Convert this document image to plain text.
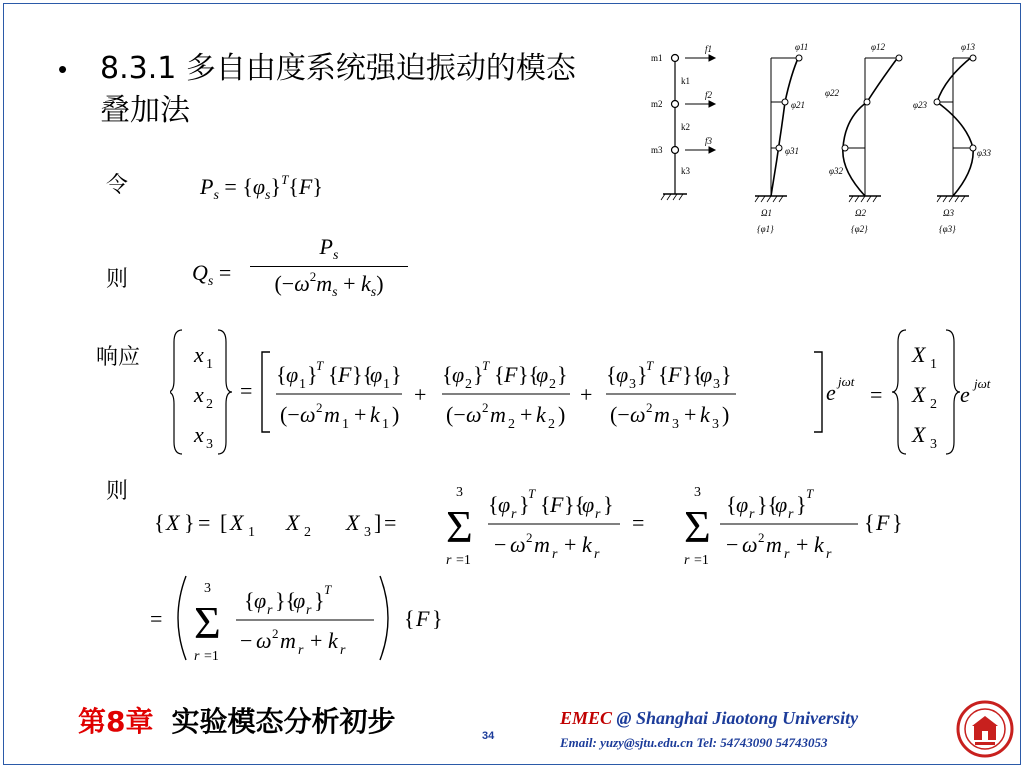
• 8.3.1 多自由度系统强迫振动的模态叠加法
令
则
响应
则
$P_s = \{\varphi_s\}^T\{F\}$
$Q_s = \frac{P_s}{(-\omega^2m_s + k_s)}$
x 1
x 2
x 3
=
{ φ 1 }
T { F }{
φ 1 }
(− ω 2 m 1 + k 1 )
+
{ φ 2 }
T { F }{
φ 2 }
(− ω 2 m 2 + k 2 )
+
{ φ 3 }
T { F }{
φ 3 }
(− ω 2 m 3 + k 3 )
e jωt
=
X 1
X 2
X 3
e jωt
{ X } = [ X 1 X 2 X 3 ] =
3
Σ
r =1
{ φ r }
T { F }{
φ r }
− ω 2 m r + k r
=
3
Σ
r =1
{ φ r }{
φ r } T
− ω 2 m r + k r
{ F }
=
3
Σ
r =1
{ φ r }{
φ r } T
− ω 2 m r + k r
{ F }
m1
m2
m3
k1
k2
k3
f1
f2
f3
φ11
φ21
φ31
Ω1
{φ1}
φ12
φ22
φ32
Ω2
{φ2}
φ13
φ23
φ33
Ω3
{φ3}
第8章 实验模态分析初步	34
EMEC @ Shanghai Jiaotong University
Email: yuzy@sjtu.edu.cn Tel: 54743090 54743053
